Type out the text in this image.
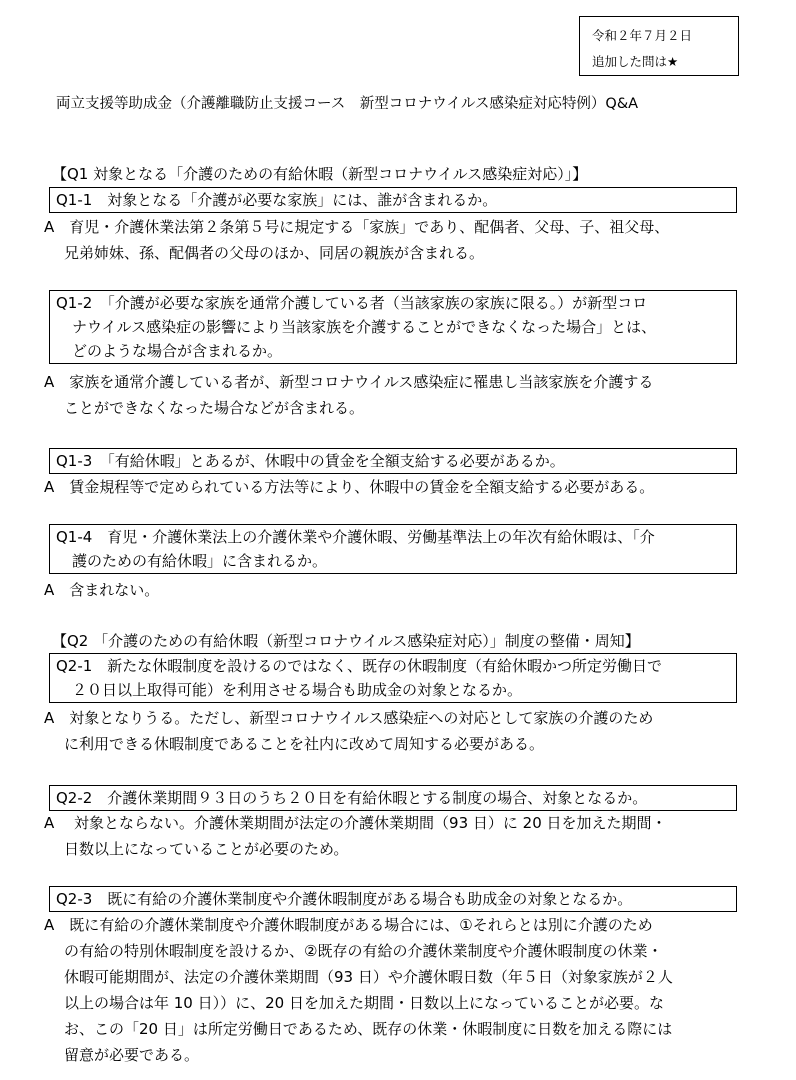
令和２年７月２日
追加した問は★
両立支援等助成金（介護離職防止支援コース　新型コロナウイルス感染症対応特例）Q&A
【Q1 対象となる「介護のための有給休暇（新型コロナウイルス感染症対応）」】
Q1-1　対象となる「介護が必要な家族」には、誰が含まれるか。
A　育児・介護休業法第２条第５号に規定する「家族」であり、配偶者、父母、子、祖父母、
兄弟姉妹、孫、配偶者の父母のほか、同居の親族が含まれる。
Q1-2　「介護が必要な家族を通常介護している者（当該家族の家族に限る。）が新型コロ
ナウイルス感染症の影響により当該家族を介護することができなくなった場合」とは、
どのような場合が含まれるか。
A　家族を通常介護している者が、新型コロナウイルス感染症に罹患し当該家族を介護する
ことができなくなった場合などが含まれる。
Q1-3　「有給休暇」とあるが、休暇中の賃金を全額支給する必要があるか。
A　賃金規程等で定められている方法等により、休暇中の賃金を全額支給する必要がある。
Q1-4　育児・介護休業法上の介護休業や介護休暇、労働基準法上の年次有給休暇は、「介
護のための有給休暇」に含まれるか。
A　含まれない。
【Q2 「介護のための有給休暇（新型コロナウイルス感染症対応）」制度の整備・周知】
Q2-1　新たな休暇制度を設けるのではなく、既存の休暇制度（有給休暇かつ所定労働日で
２０日以上取得可能）を利用させる場合も助成金の対象となるか。
A　対象となりうる。ただし、新型コロナウイルス感染症への対応として家族の介護のため
に利用できる休暇制度であることを社内に改めて周知する必要がある。
Q2-2　介護休業期間９３日のうち２０日を有給休暇とする制度の場合、対象となるか。
A　 対象とならない。介護休業期間が法定の介護休業期間（93 日）に 20 日を加えた期間・
日数以上になっていることが必要のため。
Q2-3　既に有給の介護休業制度や介護休暇制度がある場合も助成金の対象となるか。
A　既に有給の介護休業制度や介護休暇制度がある場合には、①それらとは別に介護のため
の有給の特別休暇制度を設けるか、②既存の有給の介護休業制度や介護休暇制度の休業・
休暇可能期間が、法定の介護休業期間（93 日）や介護休暇日数（年５日（対象家族が２人
以上の場合は年 10 日））に、20 日を加えた期間・日数以上になっていることが必要。な
お、この「20 日」は所定労働日であるため、既存の休業・休暇制度に日数を加える際には
留意が必要である。
